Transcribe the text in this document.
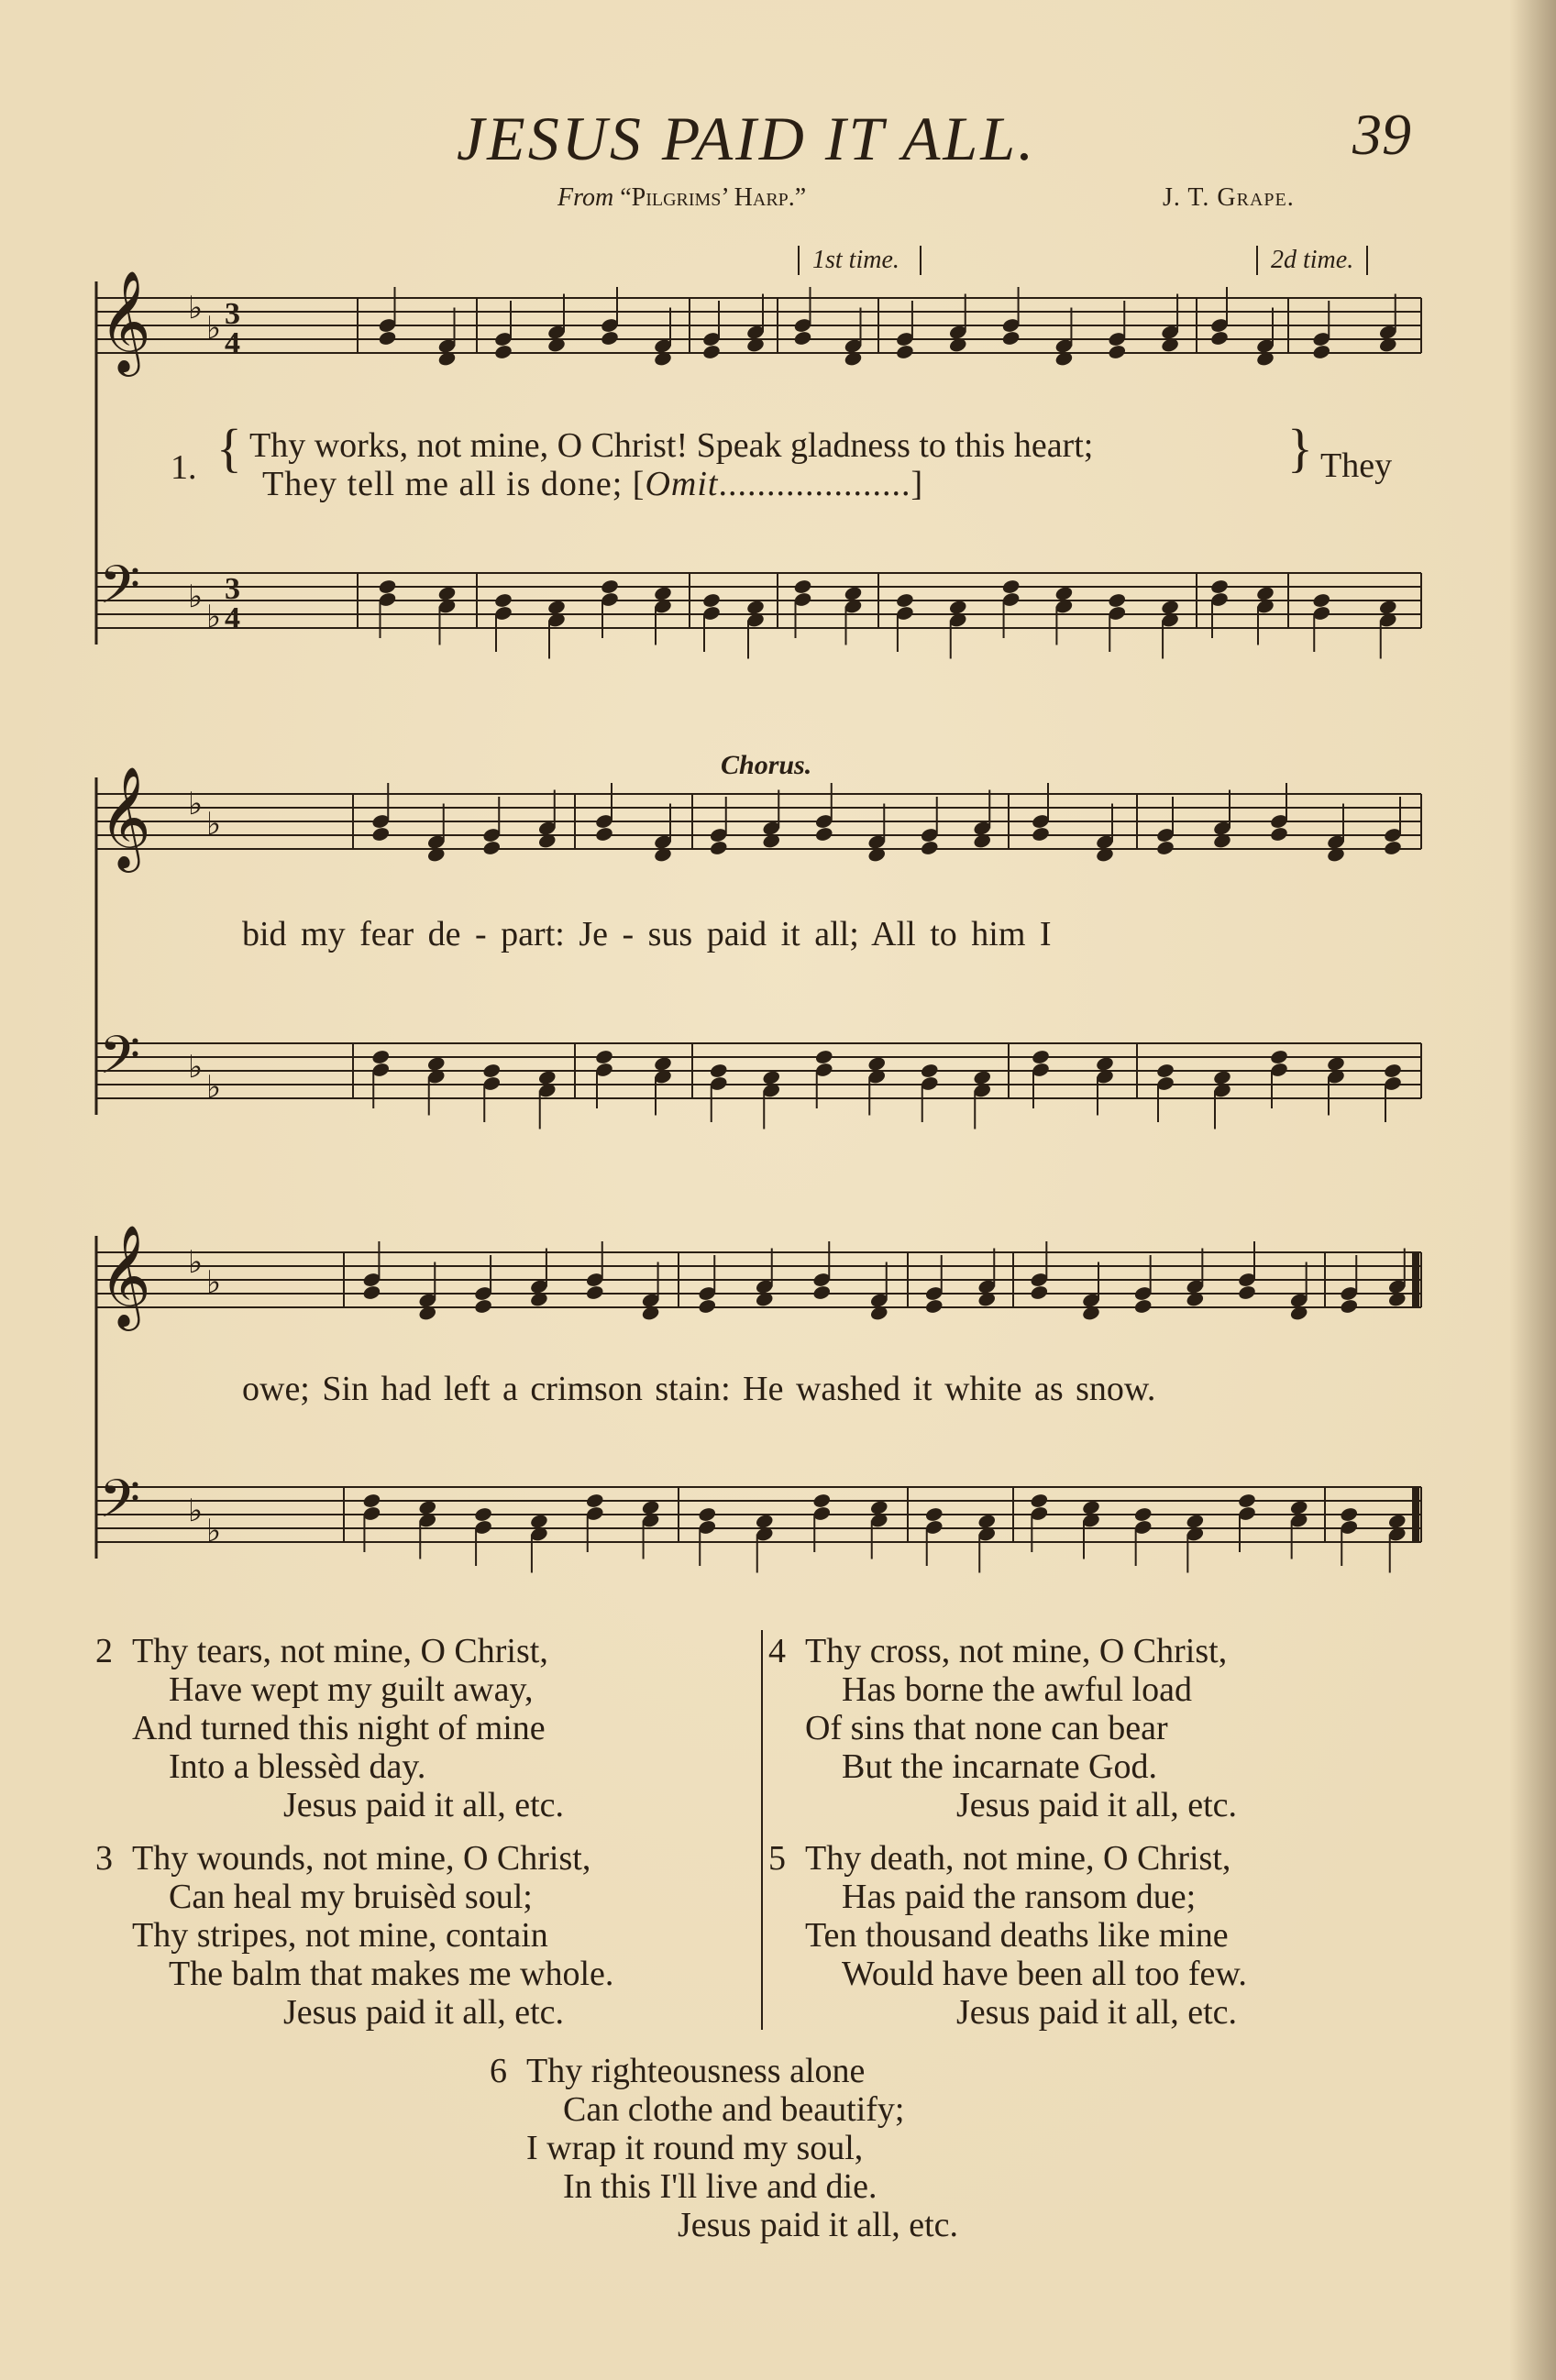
JESUS PAID IT ALL.	39
From “Pilgrims’ Harp.”	J. T. Grape.
1st time.	2d time.
Chorus.
𝄞 ♭
♭ 3
4
𝄢 ♭
♭
3
4
𝄞 ♭
♭
𝄢 ♭
♭
𝄞 ♭
♭
𝄢 ♭
♭
1. { Thy works, not mine, O Christ! Speak gladness to this heart;
They tell me all is done; [Omit....................]
} They
bid my fear de - part: Je - sus paid it all; All to him I
owe; Sin had left a crimson stain: He washed it white as snow.
2 Thy tears, not mine, O Christ,
Have wept my guilt away,
And turned this night of mine
Into a blessèd day.
Jesus paid it all, etc.
3 Thy wounds, not mine, O Christ,
Can heal my bruisèd soul;
Thy stripes, not mine, contain
The balm that makes me whole.
Jesus paid it all, etc.
4 Thy cross, not mine, O Christ,
Has borne the awful load
Of sins that none can bear
But the incarnate God.
Jesus paid it all, etc.
5 Thy death, not mine, O Christ,
Has paid the ransom due;
Ten thousand deaths like mine
Would have been all too few.
Jesus paid it all, etc.
6 Thy righteousness alone
Can clothe and beautify;
I wrap it round my soul,
In this I'll live and die.
Jesus paid it all, etc.
